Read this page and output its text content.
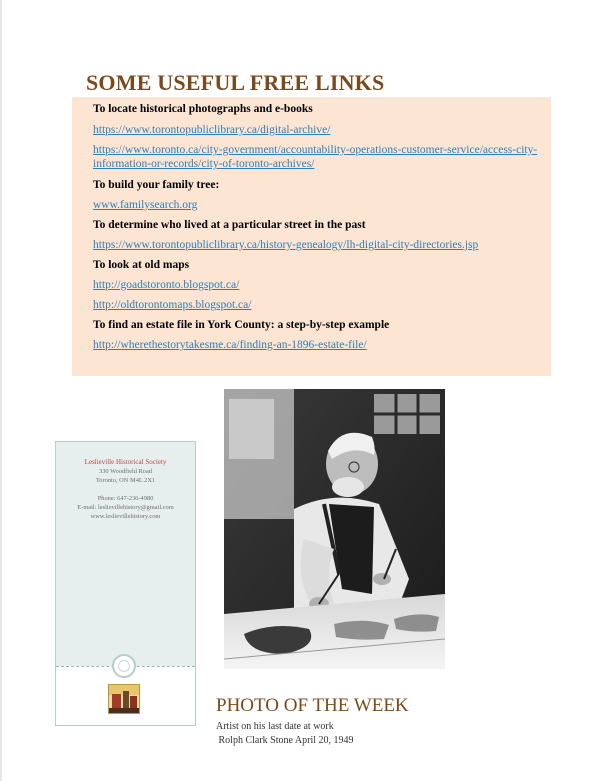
SOME USEFUL FREE LINKS

To locate historical photographs and e-books

https://www.torontopubliclibrary.ca/digital-archive/
https://www.toronto.ca/city-government/accountability-operations-customer-service/access-city-information-or-records/city-of-toronto-archives/

To build your family tree:

www.familysearch.org

To determine who lived at a particular street in the past

https://www.torontopubliclibrary.ca/history-genealogy/lh-digital-city-directories.jsp

To look at old maps

http://goadstoronto.blogspot.ca/
http://oldtorontomaps.blogspot.ca/

To find an estate file in York County: a step-by-step example

http://wherethestorytakesme.ca/finding-an-1896-estate-file/
Leslieville Historical Society
330 Woodfield Road
Toronto, ON M4L 2X1
Phone: 647-236-4980
E-mail: leslievillehistory@gmail.com
www.leslievillehistory.com
PHOTO OF THE WEEK
Artist on his last date at work
Rolph Clark Stone April 20, 1949
